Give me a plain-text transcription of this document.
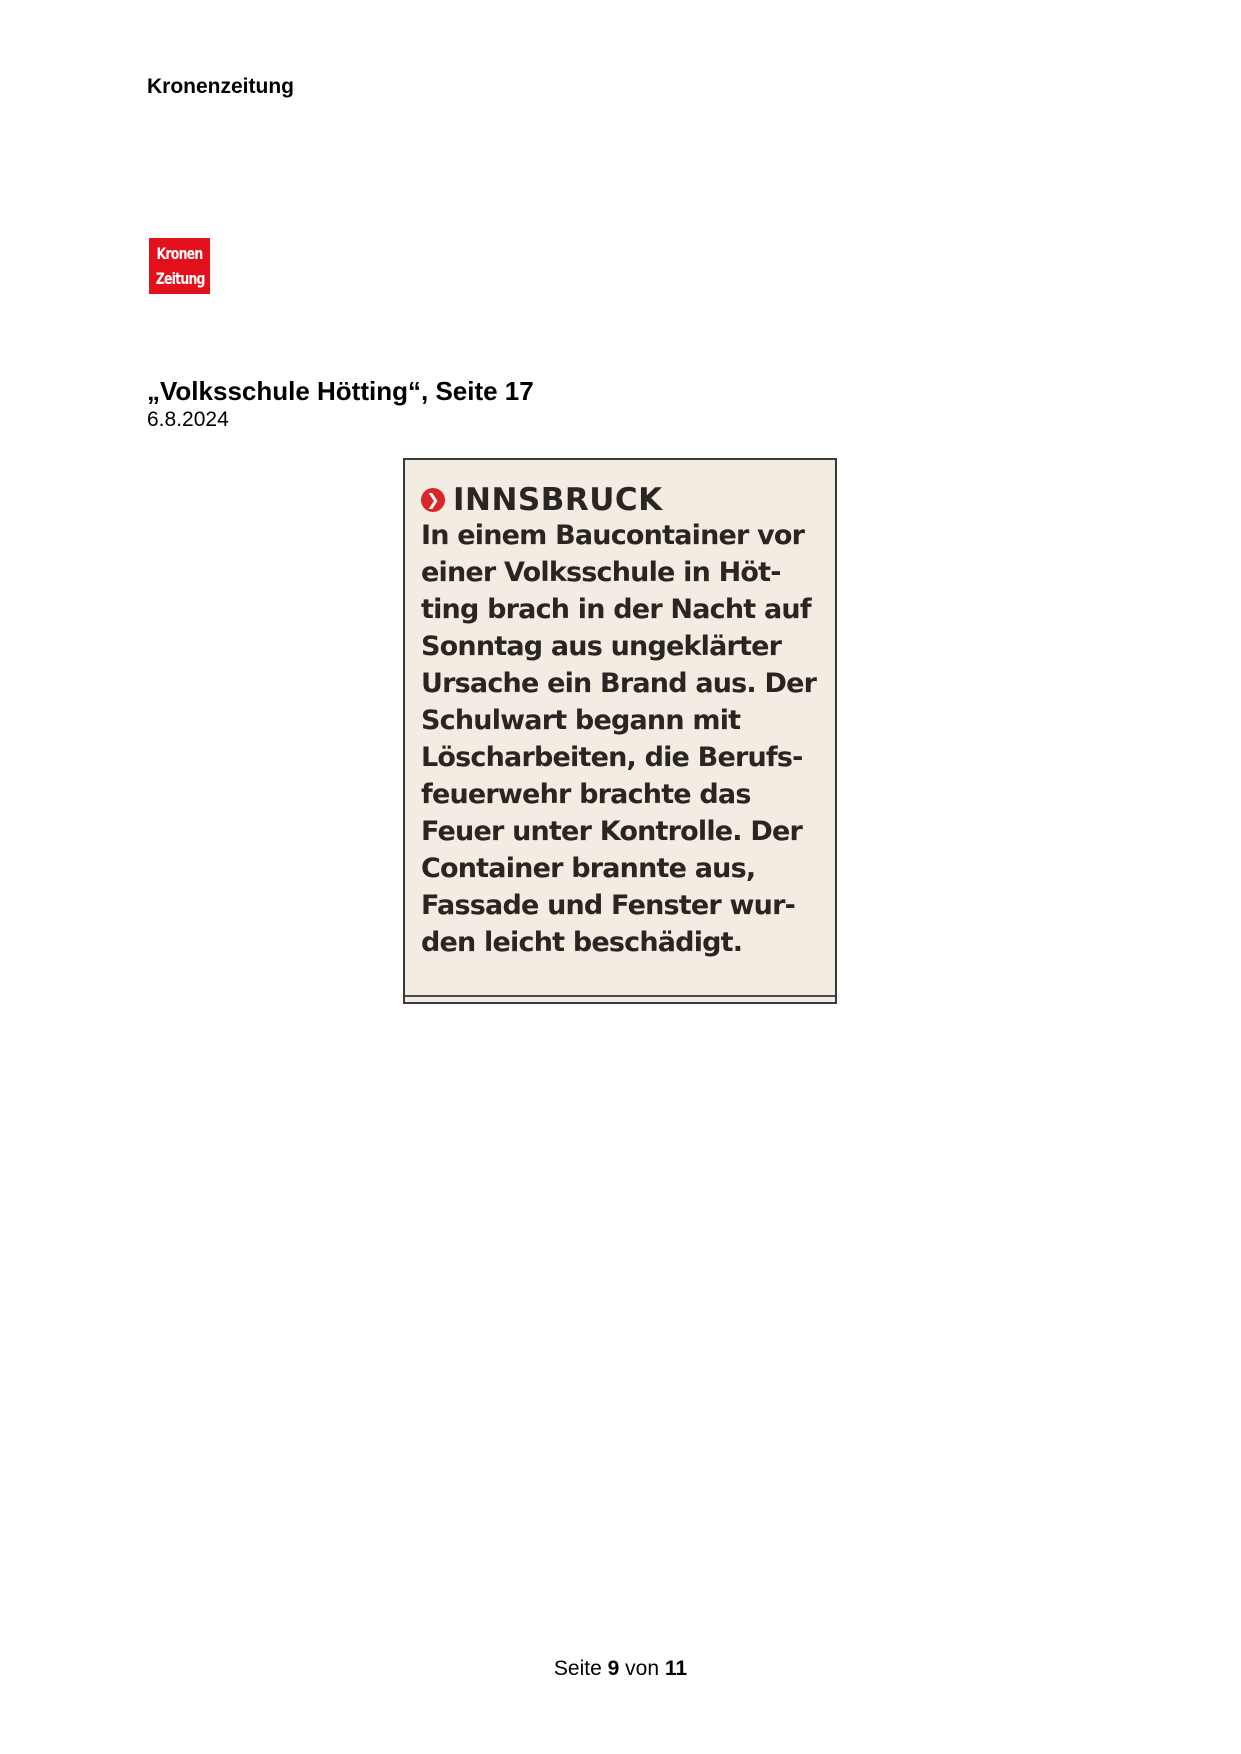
Kronenzeitung
Kronen
Zeitung
„Volksschule Hötting“, Seite 17
6.8.2024
❯ INNSBRUCK

In einem Baucontainer vor
einer Volksschule in Höt-
ting brach in der Nacht auf
Sonntag aus ungeklärter
Ursache ein Brand aus. Der
Schulwart begann mit
Löscharbeiten, die Berufs-
feuerwehr brachte das
Feuer unter Kontrolle. Der
Container brannte aus,
Fassade und Fenster wur-
den leicht beschädigt.

Seite 9 von 11
